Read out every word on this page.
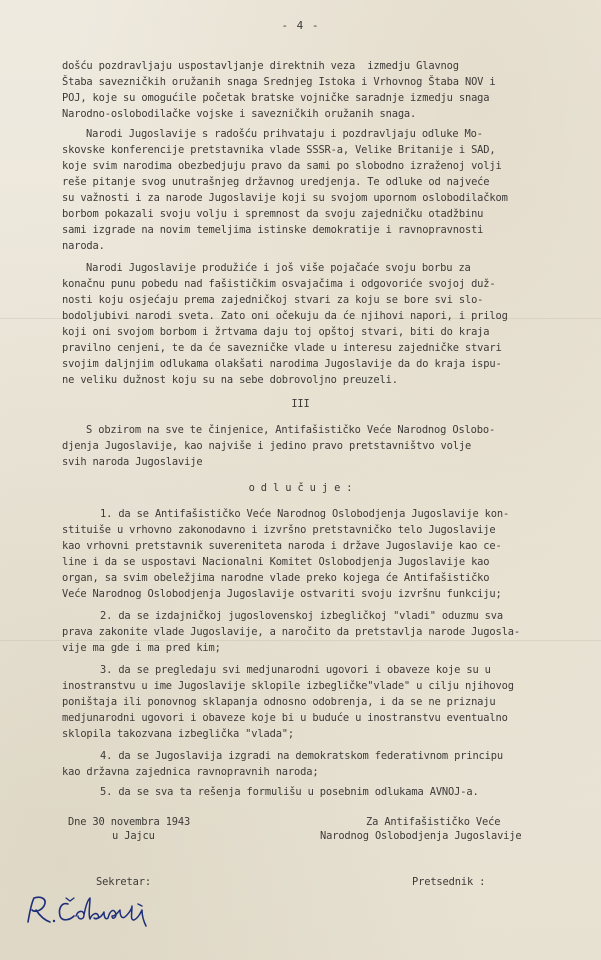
- 4 -
došću pozdravljaju uspostavljanje direktnih veza  izmedju Glavnog
Štaba savezničkih oružanih snaga Srednjeg Istoka i Vrhovnog Štaba NOV i
POJ, koje su omogućile početak bratske vojničke saradnje izmedju snaga
Narodno-oslobodilačke vojske i savezničkih oružanih snaga.
Narodi Jugoslavije s radošću prihvataju i pozdravljaju odluke Mo-
skovske konferencije pretstavnika vlade SSSR-a, Velike Britanije i SAD,
koje svim narodima obezbedjuju pravo da sami po slobodno izraženoj volji
reše pitanje svog unutrašnjeg državnog uredjenja. Te odluke od najveće
su važnosti i za narode Jugoslavije koji su svojom upornom oslobodilačkom
borbom pokazali svoju volju i spremnost da svoju zajedničku otadžbinu
sami izgrade na novim temeljima istinske demokratije i ravnopravnosti
naroda.
Narodi Jugoslavije produžiće i još više pojačaće svoju borbu za
konačnu punu pobedu nad fašističkim osvajačima i odgovoriće svojoj duž-
nosti koju osjećaju prema zajedničkoj stvari za koju se bore svi slo-
bodoljubivi narodi sveta. Zato oni očekuju da će njihovi napori, i prilog
koji oni svojom borbom i žrtvama daju toj opštoj stvari, biti do kraja
pravilno cenjeni, te da će savezničke vlade u interesu zajedničke stvari
svojim daljnjim odlukama olakšati narodima Jugoslavije da do kraja ispu-
ne veliku dužnost koju su na sebe dobrovoljno preuzeli.
III
S obzirom na sve te činjenice, Antifašističko Veće Narodnog Oslobo-
djenja Jugoslavije, kao najviše i jedino pravo pretstavništvo volje
svih naroda Jugoslavije
o d l u č u j e :
1. da se Antifašističko Veće Narodnog Oslobodjenja Jugoslavije kon-
stituiše u vrhovno zakonodavno i izvršno pretstavničko telo Jugoslavije
kao vrhovni pretstavnik suvereniteta naroda i države Jugoslavije kao ce-
line i da se uspostavi Nacionalni Komitet Oslobodjenja Jugoslavije kao
organ, sa svim obeležjima narodne vlade preko kojega će Antifašističko
Veće Narodnog Oslobodjenja Jugoslavije ostvariti svoju izvršnu funkciju;
2. da se izdajničkoj jugoslovenskoj izbegličkoj "vladi" oduzmu sva
prava zakonite vlade Jugoslavije, a naročito da pretstavlja narode Jugoslа-
vije ma gde i ma pred kim;
3. da se pregledaju svi medjunarodni ugovori i obaveze koje su u
inostranstvu u ime Jugoslavije sklopile izbegličke"vlade" u cilju njihovog
poništaja ili ponovnog sklapanja odnosno odobrenja, i da se ne priznaju
medjunarodni ugovori i obaveze koje bi u buduće u inostranstvu eventualno
sklopila takozvana izbeglička "vlada";
4. da se Jugoslavija izgradi na demokratskom federativnom principu
kao državna zajednica ravnopravnih naroda;
5. da se sva ta rešenja formulišu u posebnim odlukama AVNOJ-a.
Dne 30 novembra 1943
u Jajcu
Za Antifašističko Veće
Narodnog Oslobodjenja Jugoslavije
Sekretar:	Pretsednik :
